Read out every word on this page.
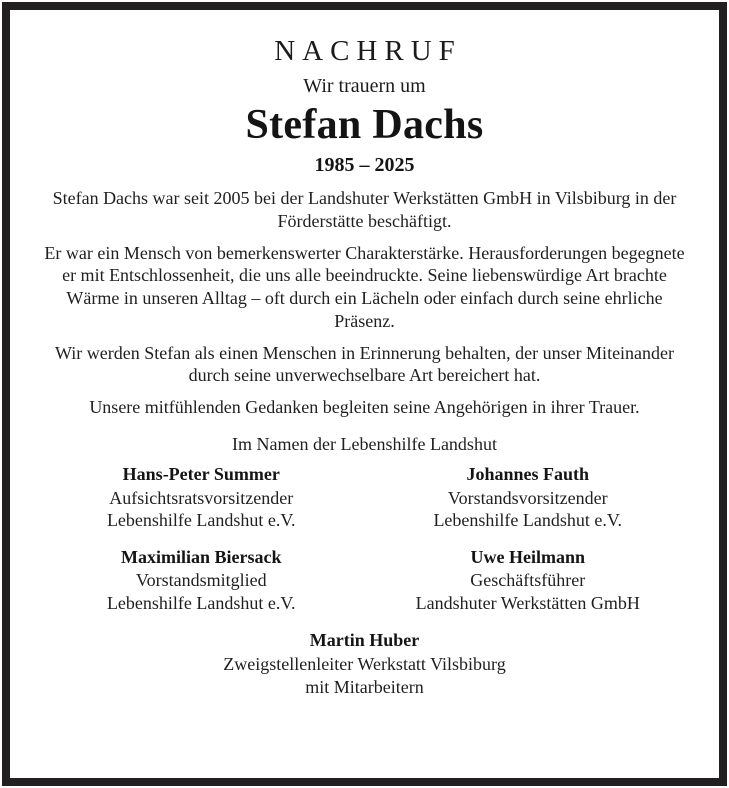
NACHRUF
Wir trauern um
Stefan Dachs
1985 – 2025

Stefan Dachs war seit 2005 bei der Landshuter Werkstätten GmbH in Vilsbiburg in der Förderstätte beschäftigt.

Er war ein Mensch von bemerkenswerter Charakterstärke. Herausforderungen begegnete er mit Entschlossenheit, die uns alle beeindruckte. Seine liebenswürdige Art brachte Wärme in unseren Alltag – oft durch ein Lächeln oder einfach durch seine ehrliche Präsenz.

Wir werden Stefan als einen Menschen in Erinnerung behalten, der unser Miteinander durch seine unverwechselbare Art bereichert hat.

Unsere mitfühlenden Gedanken begleiten seine Angehörigen in ihrer Trauer.

Im Namen der Lebenshilfe Landshut
Hans-Peter Summer
Aufsichtsratsvorsitzender
Lebenshilfe Landshut e.V.
Johannes Fauth
Vorstandsvorsitzender
Lebenshilfe Landshut e.V.
Maximilian Biersack
Vorstandsmitglied
Lebenshilfe Landshut e.V.
Uwe Heilmann
Geschäftsführer
Landshuter Werkstätten GmbH
Martin Huber
Zweigstellenleiter Werkstatt Vilsbiburg
mit Mitarbeitern
